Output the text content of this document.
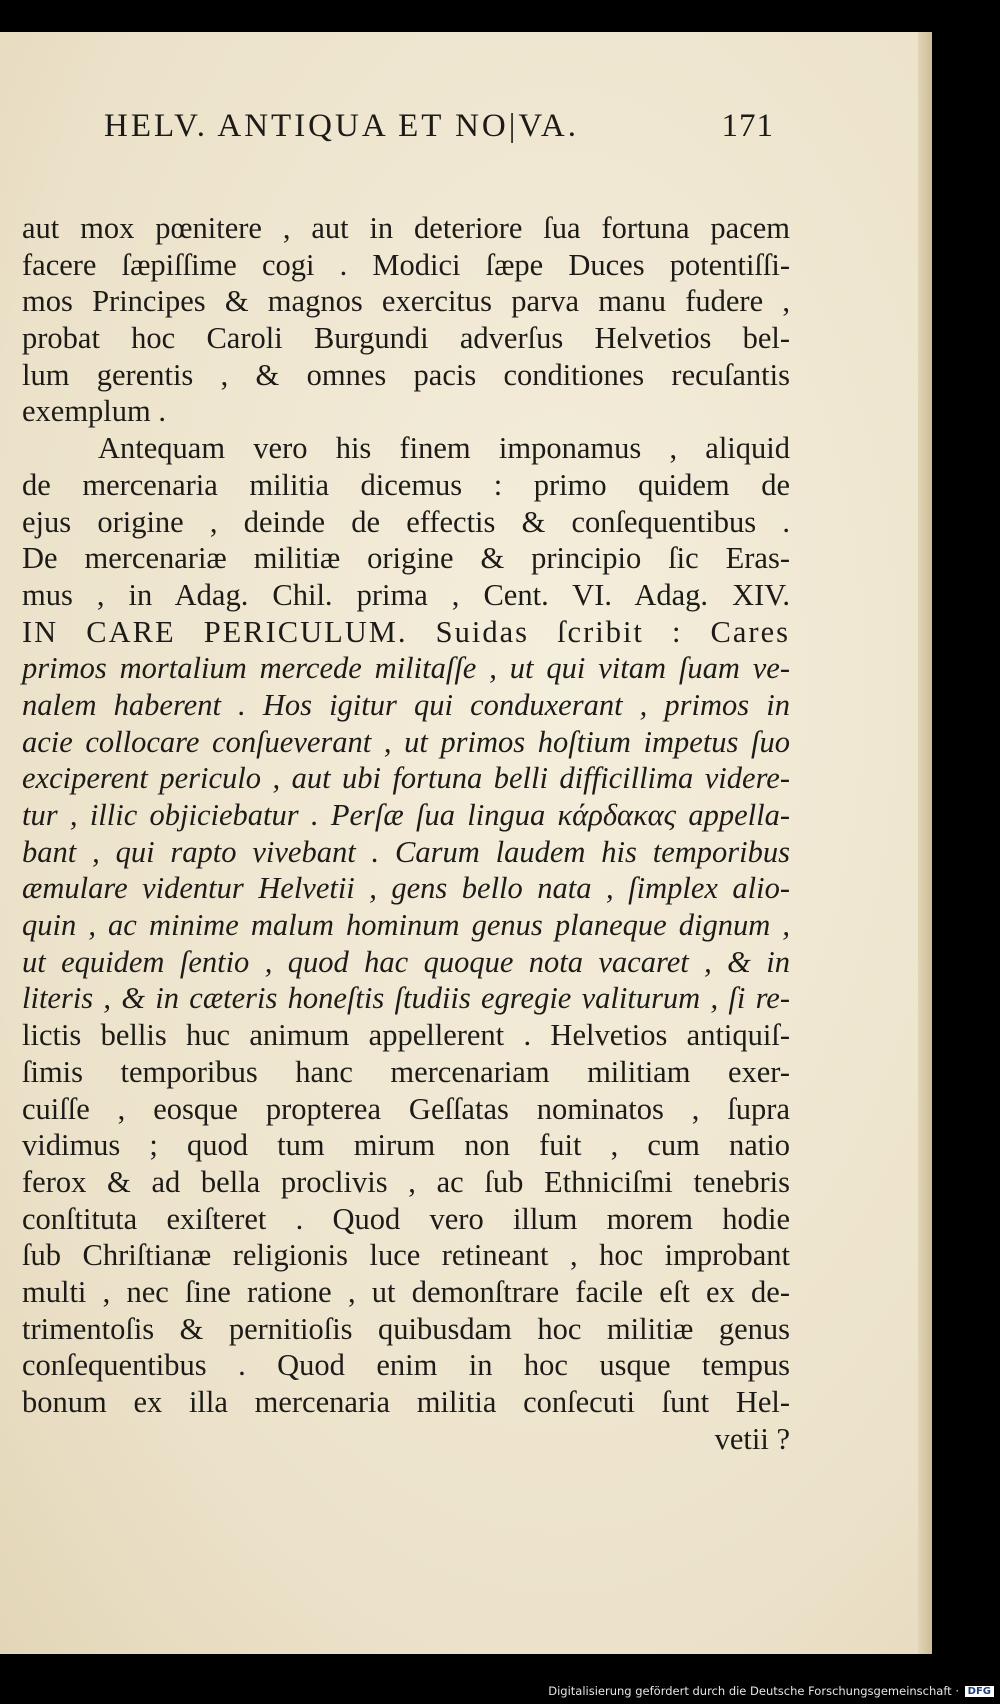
HELV. ANTIQUA ET NO|VA.	171
aut mox pœnitere , aut in deteriore ſua fortuna pacem
facere ſæpiſſime cogi . Modici ſæpe Duces potentiſſi-
mos Principes & magnos exercitus parva manu fudere ,
probat hoc Caroli Burgundi adverſus Helvetios bel-
lum gerentis , & omnes pacis conditiones recuſantis
exemplum .
Antequam vero his finem imponamus , aliquid
de mercenaria militia dicemus : primo quidem de
ejus origine , deinde de effectis & conſequentibus .
De mercenariæ militiæ origine & principio ſic Eras-
mus , in Adag. Chil. prima , Cent. VI. Adag. XIV.
IN CARE PERICULUM. Suidas ſcribit : Cares
primos mortalium mercede militaſſe , ut qui vitam ſuam ve-
nalem haberent . Hos igitur qui conduxerant , primos in
acie collocare conſueverant , ut primos hoſtium impetus ſuo
exciperent periculo , aut ubi fortuna belli difficillima videre-
tur , illic objiciebatur . Perſæ ſua lingua κάρδακας appella-
bant , qui rapto vivebant . Carum laudem his temporibus
æmulare videntur Helvetii , gens bello nata , ſimplex alio-
quin , ac minime malum hominum genus planeque dignum ,
ut equidem ſentio , quod hac quoque nota vacaret , & in
literis , & in cæteris honeſtis ſtudiis egregie valiturum , ſi re-
lictis bellis huc animum appellerent . Helvetios antiquiſ-
ſimis temporibus hanc mercenariam militiam exer-
cuiſſe , eosque propterea Geſſatas nominatos , ſupra
vidimus ; quod tum mirum non fuit , cum natio
ferox & ad bella proclivis , ac ſub Ethniciſmi tenebris
conſtituta exiſteret . Quod vero illum morem hodie
ſub Chriſtianæ religionis luce retineant , hoc improbant
multi , nec ſine ratione , ut demonſtrare facile eſt ex de-
trimentoſis & pernitioſis quibusdam hoc militiæ genus
conſequentibus . Quod enim in hoc usque tempus
bonum ex illa mercenaria militia conſecuti ſunt Hel-
vetii ?
Digitalisierung gefördert durch die Deutsche Forschungsgemeinschaft · DFG
